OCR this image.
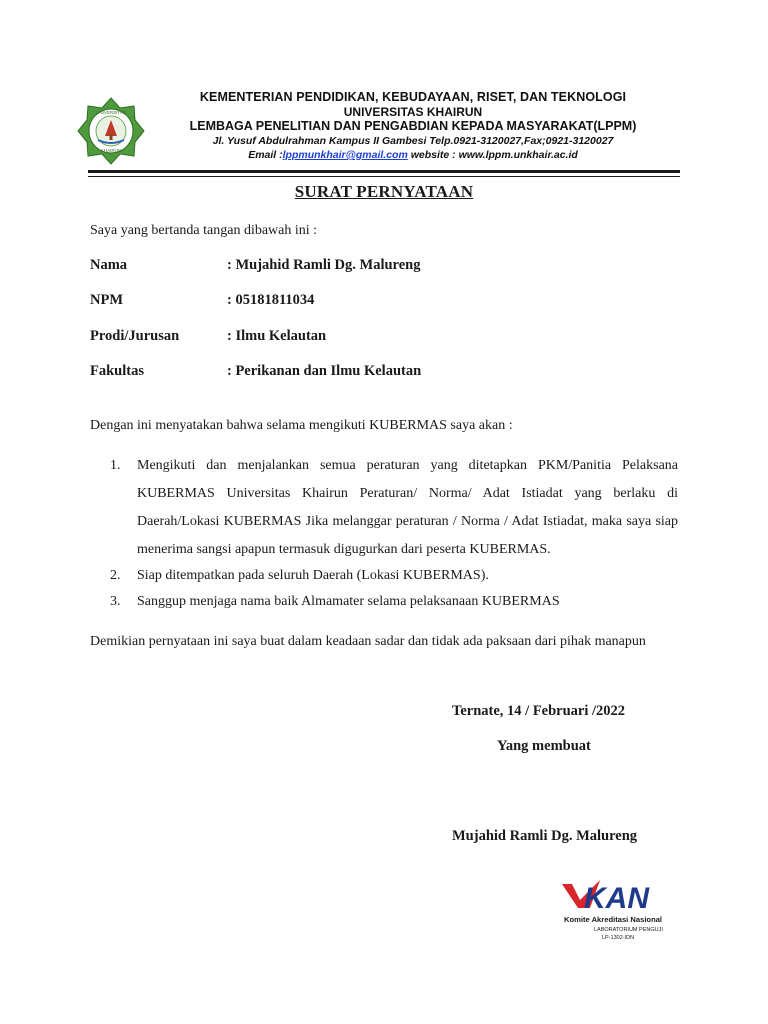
UNIVERSITAS
KHAIRUN
KEMENTERIAN PENDIDIKAN, KEBUDAYAAN, RISET, DAN TEKNOLOGI
UNIVERSITAS KHAIRUN
LEMBAGA PENELITIAN DAN PENGABDIAN KEPADA MASYARAKAT(LPPM)
Jl. Yusuf Abdulrahman Kampus II Gambesi Telp.0921-3120027,Fax;0921-3120027
Email :lppmunkhair@gmail.com website : www.lppm.unkhair.ac.id
SURAT PERNYATAAN
Saya yang bertanda tangan dibawah ini :
Nama	: Mujahid Ramli Dg. Malureng
NPM	: 05181811034
Prodi/Jurusan	: Ilmu Kelautan
Fakultas	: Perikanan dan Ilmu Kelautan
Dengan ini menyatakan bahwa selama mengikuti KUBERMAS saya akan :
1. Mengikuti dan menjalankan semua peraturan yang ditetapkan PKM/Panitia Pelaksana KUBERMAS Universitas Khairun Peraturan/ Norma/ Adat Istiadat yang berlaku di Daerah/Lokasi KUBERMAS Jika melanggar peraturan / Norma / Adat Istiadat, maka saya siap menerima sangsi apapun termasuk digugurkan dari peserta KUBERMAS.
2. Siap ditempatkan pada seluruh Daerah (Lokasi KUBERMAS).
3. Sanggup menjaga nama baik Almamater selama pelaksanaan KUBERMAS
Demikian pernyataan ini saya buat dalam keadaan sadar dan tidak ada paksaan dari pihak manapun
Ternate, 14 / Februari /2022
Yang membuat
Mujahid Ramli Dg. Malureng
KAN
Komite Akreditasi Nasional
LABORATORIUM PENGUJI
LP-1302-IDN
